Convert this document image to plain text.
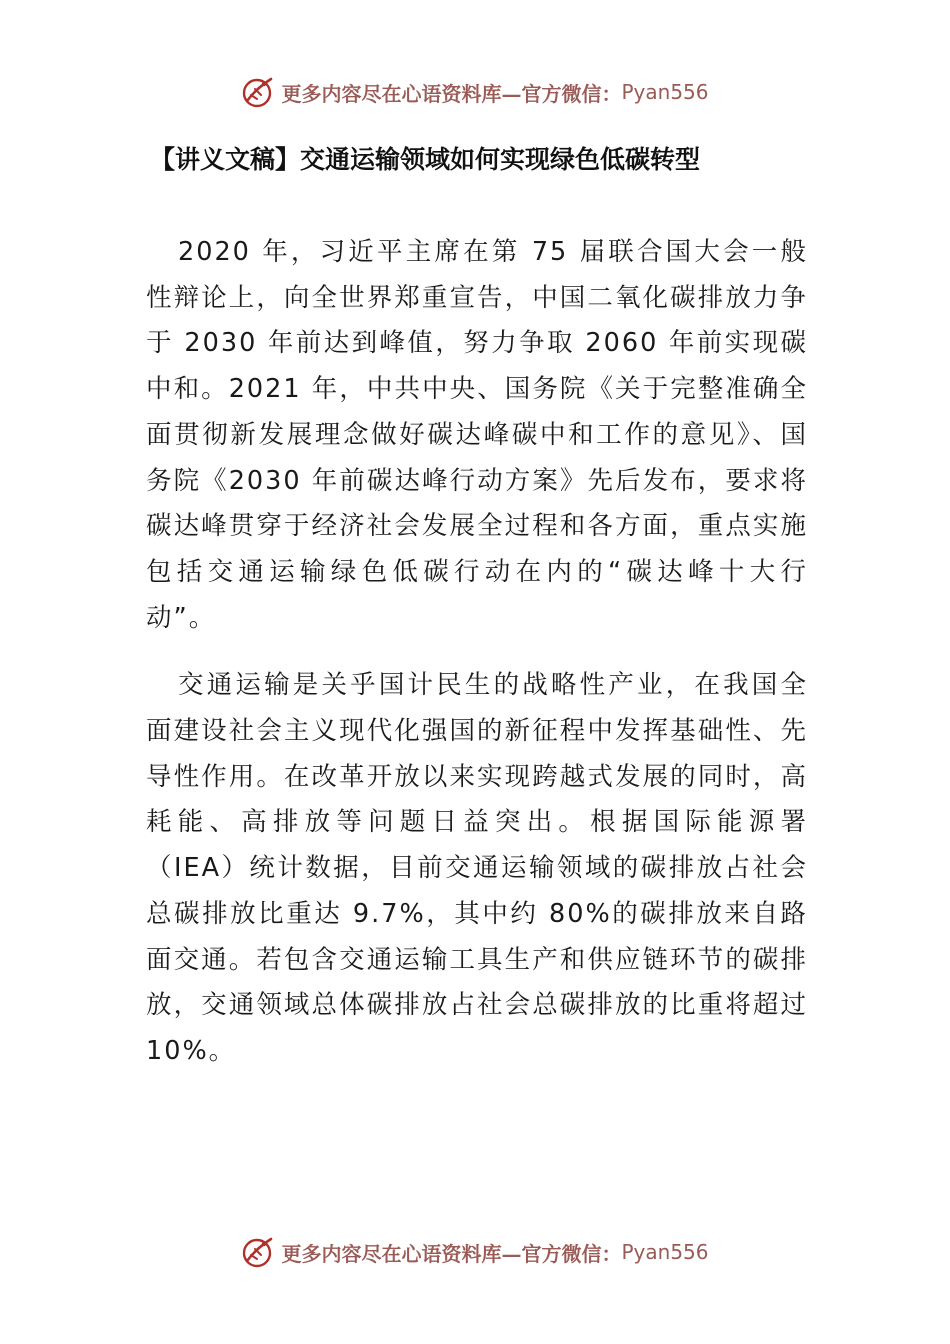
更多内容尽在心语资料库—官方微信： Pyan556
【讲义文稿】交通运输领域如何实现绿色低碳转型

2020 年，习近平主席在第 75 届联合国大会一般性辩论上，向全世界郑重宣告，中国二氧化碳排放力争于 2030 年前达到峰值，努力争取 2060 年前实现碳中和。2021 年，中共中央、国务院《关于完整准确全面贯彻新发展理念做好碳达峰碳中和工作的意见》、国务院《2030 年前碳达峰行动方案》先后发布，要求将碳达峰贯穿于经济社会发展全过程和各方面，重点实施包括交通运输绿色低碳行动在内的“碳达峰十大行动”。

交通运输是关乎国计民生的战略性产业，在我国全面建设社会主义现代化强国的新征程中发挥基础性、先导性作用。在改革开放以来实现跨越式发展的同时，高耗能、高排放等问题日益突出。根据国际能源署（IEA）统计数据，目前交通运输领域的碳排放占社会总碳排放比重达 9.7%，其中约 80%的碳排放来自路面交通。若包含交通运输工具生产和供应链环节的碳排放，交通领域总体碳排放占社会总碳排放的比重将超过 10%。

更多内容尽在心语资料库—官方微信： Pyan556
